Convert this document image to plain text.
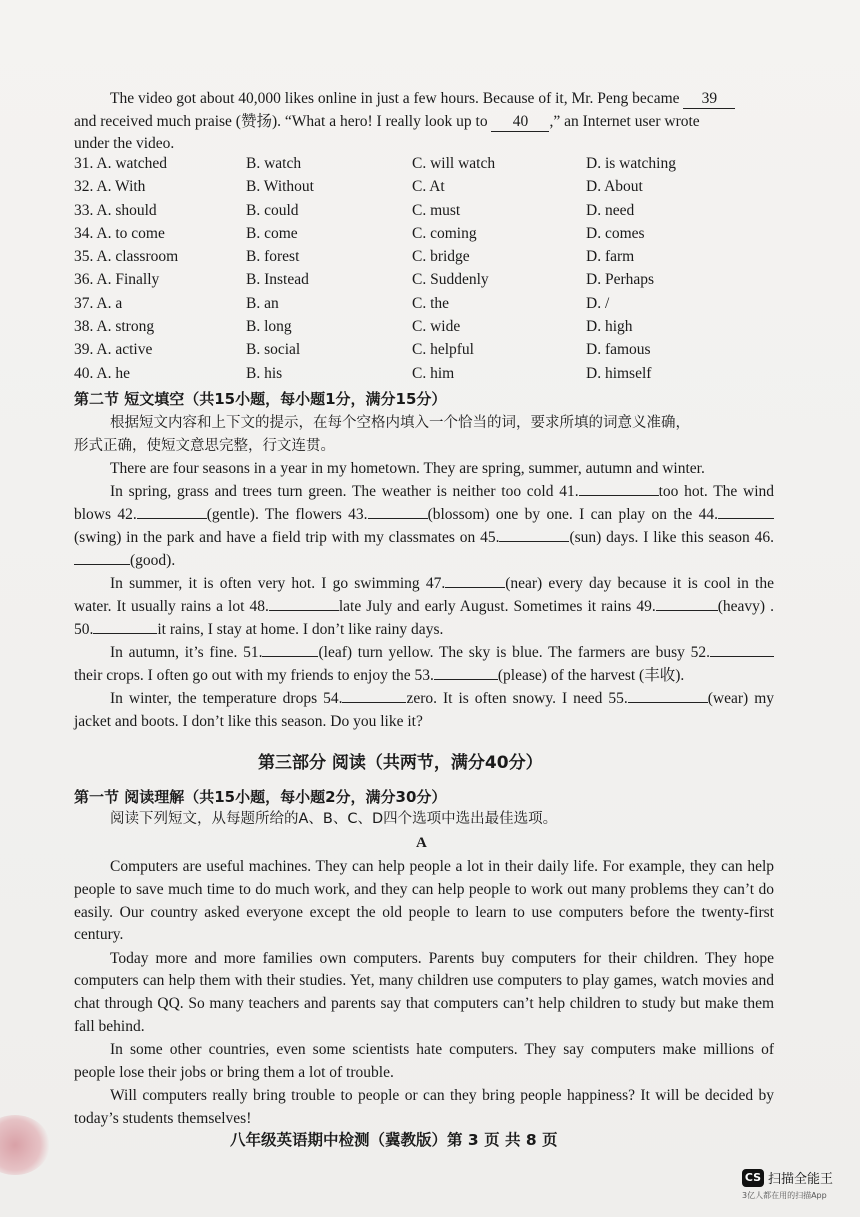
The video got about 40,000 likes online in just a few hours. Because of it, Mr. Peng became 39
and received much praise (赞扬). “What a hero! I really look up to 40 ,” an Internet user wrote
under the video.
31. A. watched	B. watch	C. will watch	D. is watching
32. A. With	B. Without	C. At	D. About
33. A. should	B. could	C. must	D. need
34. A. to come	B. come	C. coming	D. comes
35. A. classroom	B. forest	C. bridge	D. farm
36. A. Finally	B. Instead	C. Suddenly	D. Perhaps
37. A. a	B. an	C. the	D. /
38. A. strong	B. long	C. wide	D. high
39. A. active	B. social	C. helpful	D. famous
40. A. he	B. his	C. him	D. himself
第二节 短文填空（共15小题，每小题1分，满分15分）

根据短文内容和上下文的提示，在每个空格内填入一个恰当的词，要求所填的词意义准确，
形式正确，使短文意思完整，行文连贯。

There are four seasons in a year in my hometown. They are spring, summer, autumn and winter.

In spring, grass and trees turn green. The weather is neither too cold 41.	too hot. The wind blows 42.	(gentle). The flowers 43.	(blossom) one by one. I can play on the 44.(swing) in the park and have a field trip with my classmates on 45.	(sun) days. I like this season 46.(good).

In summer, it is often very hot. I go swimming 47.	(near) every day because it is cool in the water. It usually rains a lot 48.	late July and early August. Sometimes it rains 49.	(heavy) . 50.	it rains, I stay at home. I don’t like rainy days.

In autumn, it’s fine. 51.	(leaf) turn yellow. The sky is blue. The farmers are busy 52.their crops. I often go out with my friends to enjoy the 53.	(please) of the harvest (丰收).

In winter, the temperature drops 54.	zero. It is often snowy. I need 55.	(wear) my jacket and boots. I don’t like this season. Do you like it?

第三部分 阅读（共两节，满分40分）
第一节 阅读理解（共15小题，每小题2分，满分30分）
阅读下列短文，从每题所给的A、B、C、D四个选项中选出最佳选项。
A

Computers are useful machines. They can help people a lot in their daily life. For example, they can help people to save much time to do much work, and they can help people to work out many problems they can’t do easily. Our country asked everyone except the old people to learn to use computers before the twenty-first century.

Today more and more families own computers. Parents buy computers for their children. They hope computers can help them with their studies. Yet, many children use computers to play games, watch movies and chat through QQ. So many teachers and parents say that computers can’t help children to study but make them fall behind.

In some other countries, even some scientists hate computers. They say computers make millions of people lose their jobs or bring them a lot of trouble.

Will computers really bring trouble to people or can they bring people happiness? It will be decided by today’s students themselves!

八年级英语期中检测（冀教版）第 3 页 共 8 页
CS 扫描全能王
3亿人都在用的扫描App
